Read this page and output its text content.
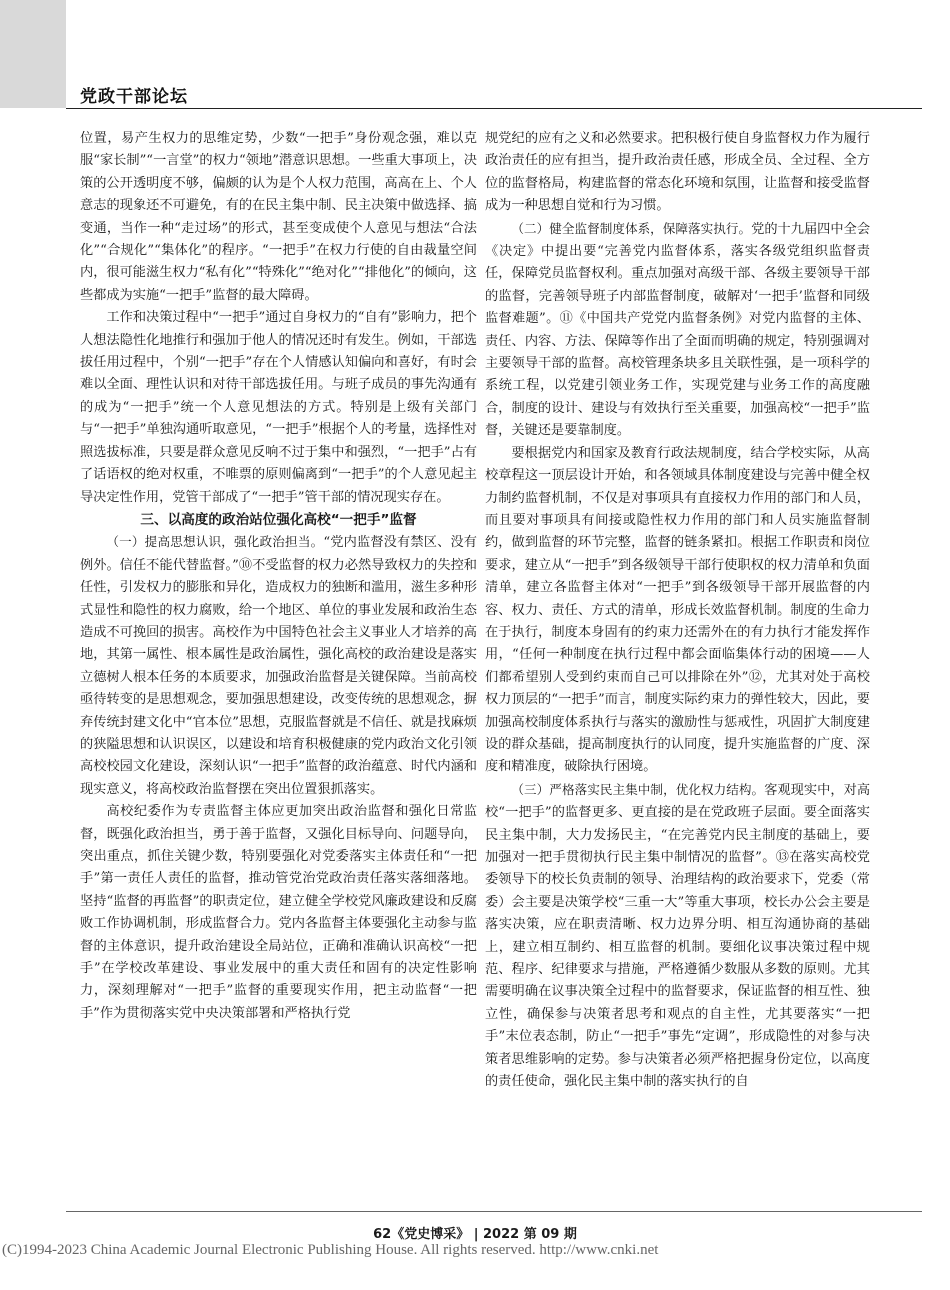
党政干部论坛

位置，易产生权力的思维定势，少数“一把手”身份观念强，难以克服“家长制”“一言堂”的权力“领地”潜意识思想。一些重大事项上，决策的公开透明度不够，偏颇的认为是个人权力范围，高高在上、个人意志的现象还不可避免，有的在民主集中制、民主决策中做选择、搞变通，当作一种“走过场”的形式，甚至变成使个人意见与想法“合法化”“合规化”“集体化”的程序。“一把手”在权力行使的自由裁量空间内，很可能滋生权力“私有化”“特殊化”“绝对化”“排他化”的倾向，这些都成为实施“一把手”监督的最大障碍。

工作和决策过程中“一把手”通过自身权力的“自有”影响力，把个人想法隐性化地推行和强加于他人的情况还时有发生。例如，干部选拔任用过程中，个别“一把手”存在个人情感认知偏向和喜好，有时会难以全面、理性认识和对待干部选拔任用。与班子成员的事先沟通有的成为“一把手”统一个人意见想法的方式。特别是上级有关部门与“一把手”单独沟通听取意见，“一把手”根据个人的考量，选择性对照选拔标准，只要是群众意见反响不过于集中和强烈，“一把手”占有了话语权的绝对权重，不唯票的原则偏离到“一把手”的个人意见起主导决定性作用，党管干部成了“一把手”管干部的情况现实存在。

三、以高度的政治站位强化高校“一把手”监督

（一）提高思想认识，强化政治担当。“党内监督没有禁区、没有例外。信任不能代替监督。”⑩不受监督的权力必然导致权力的失控和任性，引发权力的膨胀和异化，造成权力的独断和滥用，滋生多种形式显性和隐性的权力腐败，给一个地区、单位的事业发展和政治生态造成不可挽回的损害。高校作为中国特色社会主义事业人才培养的高地，其第一属性、根本属性是政治属性，强化高校的政治建设是落实立德树人根本任务的本质要求，加强政治监督是关键保障。当前高校亟待转变的是思想观念，要加强思想建设，改变传统的思想观念，摒弃传统封建文化中“官本位”思想，克服监督就是不信任、就是找麻烦的狭隘思想和认识误区，以建设和培育积极健康的党内政治文化引领高校校园文化建设，深刻认识“一把手”监督的政治蕴意、时代内涵和现实意义，将高校政治监督摆在突出位置狠抓落实。

高校纪委作为专责监督主体应更加突出政治监督和强化日常监督，既强化政治担当，勇于善于监督，又强化目标导向、问题导向，突出重点，抓住关键少数，特别要强化对党委落实主体责任和“一把手”第一责任人责任的监督，推动管党治党政治责任落实落细落地。坚持“监督的再监督”的职责定位，建立健全学校党风廉政建设和反腐败工作协调机制，形成监督合力。党内各监督主体要强化主动参与监督的主体意识，提升政治建设全局站位，正确和准确认识高校“一把手”在学校改革建设、事业发展中的重大责任和固有的决定性影响力，深刻理解对“一把手”监督的重要现实作用，把主动监督“一把手”作为贯彻落实党中央决策部署和严格执行党

规党纪的应有之义和必然要求。把积极行使自身监督权力作为履行政治责任的应有担当，提升政治责任感，形成全员、全过程、全方位的监督格局，构建监督的常态化环境和氛围，让监督和接受监督成为一种思想自觉和行为习惯。

（二）健全监督制度体系，保障落实执行。党的十九届四中全会《决定》中提出要“完善党内监督体系，落实各级党组织监督责任，保障党员监督权利。重点加强对高级干部、各级主要领导干部的监督，完善领导班子内部监督制度，破解对‘一把手’监督和同级监督难题”。⑪《中国共产党党内监督条例》对党内监督的主体、责任、内容、方法、保障等作出了全面而明确的规定，特别强调对主要领导干部的监督。高校管理条块多且关联性强，是一项科学的系统工程，以党建引领业务工作，实现党建与业务工作的高度融合，制度的设计、建设与有效执行至关重要，加强高校“一把手”监督，关键还是要靠制度。

要根据党内和国家及教育行政法规制度，结合学校实际，从高校章程这一顶层设计开始，和各领域具体制度建设与完善中健全权力制约监督机制，不仅是对事项具有直接权力作用的部门和人员，而且要对事项具有间接或隐性权力作用的部门和人员实施监督制约，做到监督的环节完整，监督的链条紧扣。根据工作职责和岗位要求，建立从“一把手”到各级领导干部行使职权的权力清单和负面清单，建立各监督主体对“一把手”到各级领导干部开展监督的内容、权力、责任、方式的清单，形成长效监督机制。制度的生命力在于执行，制度本身固有的约束力还需外在的有力执行才能发挥作用，“任何一种制度在执行过程中都会面临集体行动的困境——人们都希望别人受到约束而自己可以排除在外”⑫，尤其对处于高校权力顶层的“一把手”而言，制度实际约束力的弹性较大，因此，要加强高校制度体系执行与落实的激励性与惩戒性，巩固扩大制度建设的群众基础，提高制度执行的认同度，提升实施监督的广度、深度和精准度，破除执行困境。

（三）严格落实民主集中制，优化权力结构。客观现实中，对高校“一把手”的监督更多、更直接的是在党政班子层面。要全面落实民主集中制，大力发扬民主，“在完善党内民主制度的基础上，要加强对一把手贯彻执行民主集中制情况的监督”。⑬在落实高校党委领导下的校长负责制的领导、治理结构的政治要求下，党委（常委）会主要是决策学校“三重一大”等重大事项，校长办公会主要是落实决策，应在职责清晰、权力边界分明、相互沟通协商的基础上，建立相互制约、相互监督的机制。要细化议事决策过程中规范、程序、纪律要求与措施，严格遵循少数服从多数的原则。尤其需要明确在议事决策全过程中的监督要求，保证监督的相互性、独立性，确保参与决策者思考和观点的自主性，尤其要落实“一把手”末位表态制，防止“一把手”事先“定调”，形成隐性的对参与决策者思维影响的定势。参与决策者必须严格把握身份定位，以高度的责任使命，强化民主集中制的落实执行的自

62《党史博采》 | 2022 第 09 期
(C)1994-2023 China Academic Journal Electronic Publishing House. All rights reserved. http://www.cnki.net
